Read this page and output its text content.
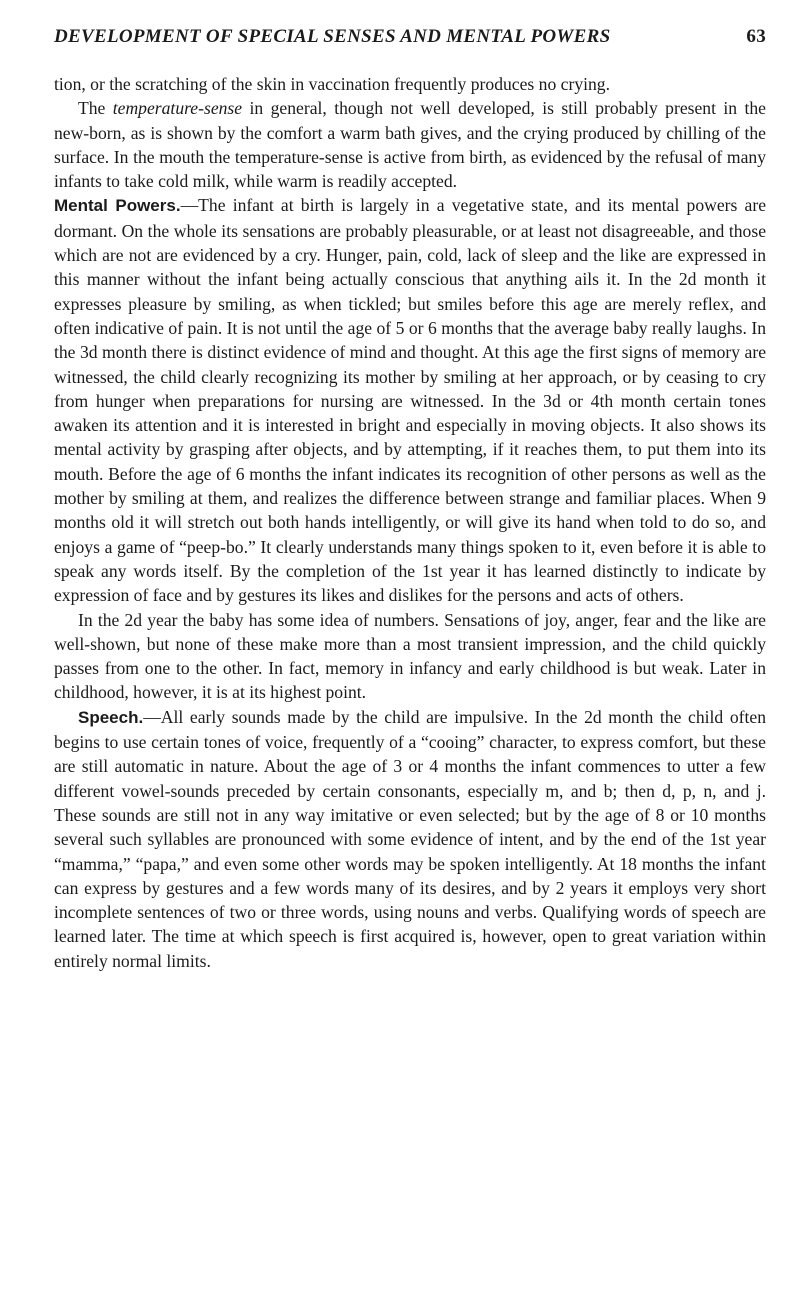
DEVELOPMENT OF SPECIAL SENSES AND MENTAL POWERS	63

tion, or the scratching of the skin in vaccination frequently produces no crying.

The temperature-sense in general, though not well developed, is still probably present in the new-born, as is shown by the comfort a warm bath gives, and the crying produced by chilling of the surface. In the mouth the temperature-sense is active from birth, as evidenced by the refusal of many infants to take cold milk, while warm is readily accepted.

Mental Powers.—The infant at birth is largely in a vegetative state, and its mental powers are dormant. On the whole its sensations are probably pleasurable, or at least not disagreeable, and those which are not are evidenced by a cry. Hunger, pain, cold, lack of sleep and the like are expressed in this manner without the infant being actually conscious that anything ails it. In the 2d month it expresses pleasure by smiling, as when tickled; but smiles before this age are merely reflex, and often indicative of pain. It is not until the age of 5 or 6 months that the average baby really laughs. In the 3d month there is distinct evidence of mind and thought. At this age the first signs of memory are witnessed, the child clearly recognizing its mother by smiling at her approach, or by ceasing to cry from hunger when preparations for nursing are witnessed. In the 3d or 4th month certain tones awaken its attention and it is interested in bright and especially in moving objects. It also shows its mental activity by grasping after objects, and by attempting, if it reaches them, to put them into its mouth. Before the age of 6 months the infant indicates its recognition of other persons as well as the mother by smiling at them, and realizes the difference between strange and familiar places. When 9 months old it will stretch out both hands intelligently, or will give its hand when told to do so, and enjoys a game of “peep-bo.” It clearly understands many things spoken to it, even before it is able to speak any words itself. By the completion of the 1st year it has learned distinctly to indicate by expression of face and by gestures its likes and dislikes for the persons and acts of others.

In the 2d year the baby has some idea of numbers. Sensations of joy, anger, fear and the like are well-shown, but none of these make more than a most transient impression, and the child quickly passes from one to the other. In fact, memory in infancy and early childhood is but weak. Later in childhood, however, it is at its highest point.

Speech.—All early sounds made by the child are impulsive. In the 2d month the child often begins to use certain tones of voice, frequently of a “cooing” character, to express comfort, but these are still automatic in nature. About the age of 3 or 4 months the infant commences to utter a few different vowel-sounds preceded by certain consonants, especially m, and b; then d, p, n, and j. These sounds are still not in any way imitative or even selected; but by the age of 8 or 10 months several such syllables are pronounced with some evidence of intent, and by the end of the 1st year “mamma,” “papa,” and even some other words may be spoken intelligently. At 18 months the infant can express by gestures and a few words many of its desires, and by 2 years it employs very short incomplete sentences of two or three words, using nouns and verbs. Qualifying words of speech are learned later. The time at which speech is first acquired is, however, open to great variation within entirely normal limits.
